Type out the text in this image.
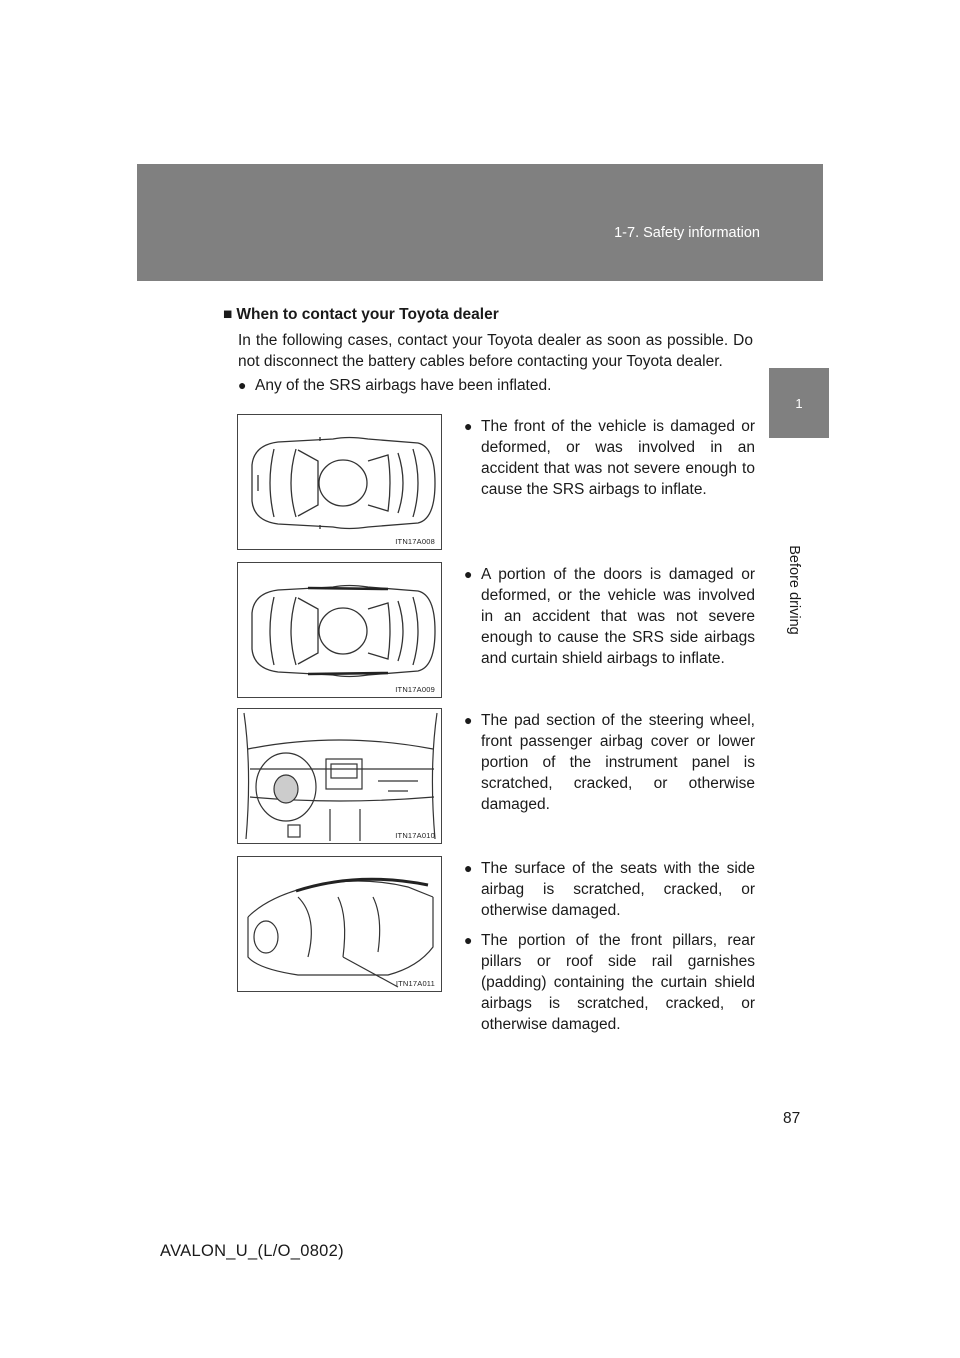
1-7. Safety information
1
Before driving
■ When to contact your Toyota dealer
In the following cases, contact your Toyota dealer as soon as possible. Do not disconnect the battery cables before contacting your Toyota dealer.
● Any of the SRS airbags have been inflated.
ITN17A008
● The front of the vehicle is damaged or deformed, or was involved in an accident that was not severe enough to cause the SRS airbags to inflate.
ITN17A009
● A portion of the doors is damaged or deformed, or the vehicle was involved in an accident that was not severe enough to cause the SRS side airbags and curtain shield airbags to inflate.
ITN17A010
● The pad section of the steering wheel, front passenger airbag cover or lower portion of the instrument panel is scratched, cracked, or otherwise damaged.
ITN17A011
● The surface of the seats with the side airbag is scratched, cracked, or otherwise damaged.
● The portion of the front pillars, rear pillars or roof side rail garnishes (padding) containing the curtain shield airbags is scratched, cracked, or otherwise damaged.
87
AVALON_U_(L/O_0802)
